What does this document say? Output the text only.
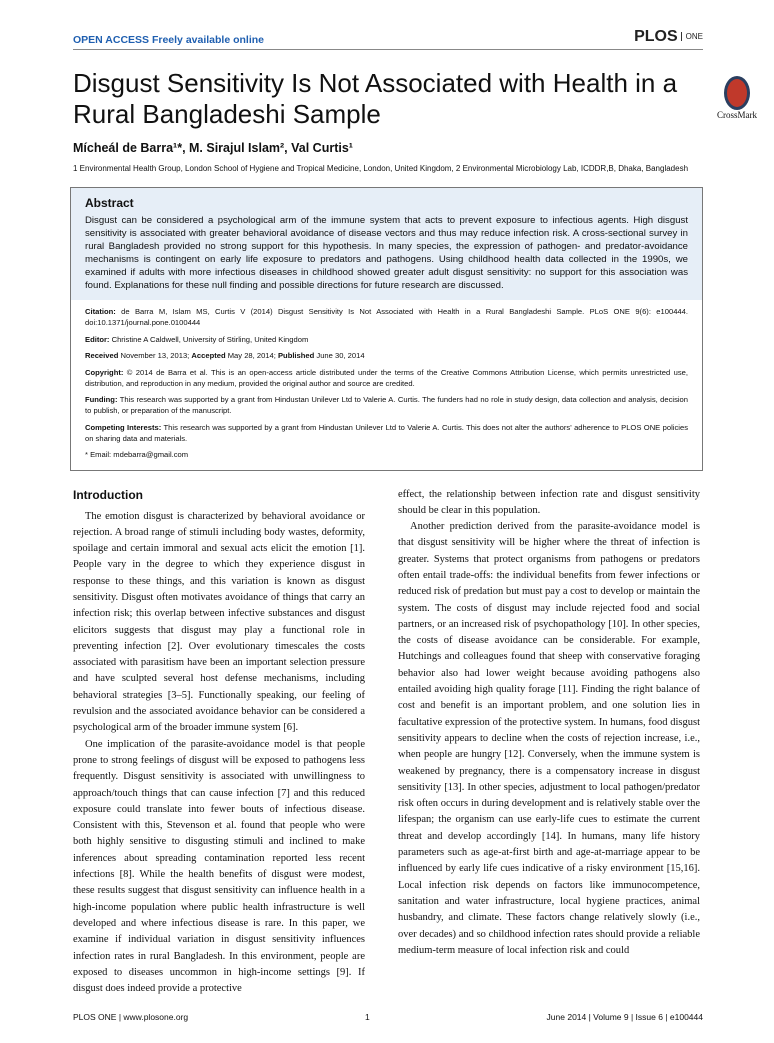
OPEN ACCESS Freely available online	PLOS ONE
Disgust Sensitivity Is Not Associated with Health in a Rural Bangladeshi Sample	CrossMark
Mícheál de Barra¹*, M. Sirajul Islam², Val Curtis¹
1 Environmental Health Group, London School of Hygiene and Tropical Medicine, London, United Kingdom, 2 Environmental Microbiology Lab, ICDDR,B, Dhaka, Bangladesh
Abstract

Disgust can be considered a psychological arm of the immune system that acts to prevent exposure to infectious agents. High disgust sensitivity is associated with greater behavioral avoidance of disease vectors and thus may reduce infection risk. A cross-sectional survey in rural Bangladesh provided no strong support for this hypothesis. In many species, the expression of pathogen- and predator-avoidance mechanisms is contingent on early life exposure to predators and pathogens. Using childhood health data collected in the 1990s, we examined if adults with more infectious diseases in childhood showed greater adult disgust sensitivity: no support for this association was found. Explanations for these null finding and possible directions for future research are discussed.

Citation: de Barra M, Islam MS, Curtis V (2014) Disgust Sensitivity Is Not Associated with Health in a Rural Bangladeshi Sample. PLoS ONE 9(6): e100444. doi:10.1371/journal.pone.0100444

Editor: Christine A Caldwell, University of Stirling, United Kingdom

Received November 13, 2013; Accepted May 28, 2014; Published June 30, 2014

Copyright: © 2014 de Barra et al. This is an open-access article distributed under the terms of the Creative Commons Attribution License, which permits unrestricted use, distribution, and reproduction in any medium, provided the original author and source are credited.

Funding: This research was supported by a grant from Hindustan Unilever Ltd to Valerie A. Curtis. The funders had no role in study design, data collection and analysis, decision to publish, or preparation of the manuscript.

Competing Interests: This research was supported by a grant from Hindustan Unilever Ltd to Valerie A. Curtis. This does not alter the authors' adherence to PLOS ONE policies on sharing data and materials.

* Email: mdebarra@gmail.com

Introduction

The emotion disgust is characterized by behavioral avoidance or rejection. A broad range of stimuli including body wastes, deformity, spoilage and certain immoral and sexual acts elicit the emotion [1]. People vary in the degree to which they experience disgust in response to these things, and this variation is known as disgust sensitivity. Disgust often motivates avoidance of things that carry an infection risk; this overlap between infective substances and disgust elicitors suggests that disgust may play a functional role in preventing infection [2]. Over evolutionary timescales the costs associated with parasitism have been an important selection pressure and have sculpted several host defense mechanisms, including behavioral strategies [3–5]. Functionally speaking, our feeling of revulsion and the associated avoidance behavior can be considered a psychological arm of the broader immune system [6].

One implication of the parasite-avoidance model is that people prone to strong feelings of disgust will be exposed to pathogens less frequently. Disgust sensitivity is associated with unwillingness to approach/touch things that can cause infection [7] and this reduced exposure could translate into fewer bouts of infectious disease. Consistent with this, Stevenson et al. found that people who were both highly sensitive to disgusting stimuli and inclined to make inferences about spreading contamination reported less recent infections [8]. While the health benefits of disgust were modest, these results suggest that disgust sensitivity can influence health in a high-income population where public health infrastructure is well developed and where infectious disease is rare. In this paper, we examine if individual variation in disgust sensitivity influences infection rates in rural Bangladesh. In this environment, people are exposed to diseases uncommon in high-income settings [9]. If disgust does indeed provide a protective

effect, the relationship between infection rate and disgust sensitivity should be clear in this population.

Another prediction derived from the parasite-avoidance model is that disgust sensitivity will be higher where the threat of infection is greater. Systems that protect organisms from pathogens or predators often entail trade-offs: the individual benefits from fewer infections or reduced risk of predation but must pay a cost to develop or maintain the system. The costs of disgust may include rejected food and social partners, or an increased risk of psychopathology [10]. In other species, the costs of disease avoidance can be considerable. For example, Hutchings and colleagues found that sheep with conservative foraging behavior also had lower weight because avoiding pathogens also entailed avoiding high quality forage [11]. Finding the right balance of cost and benefit is an important problem, and one solution lies in facultative expression of the protective system. In humans, food disgust sensitivity appears to decline when the costs of rejection increase, i.e., when people are hungry [12]. Conversely, when the immune system is weakened by pregnancy, there is a compensatory increase in disgust sensitivity [13]. In other species, adjustment to local pathogen/predator risk often occurs in during development and is relatively stable over the lifespan; the organism can use early-life cues to estimate the current threat and develop accordingly [14]. In humans, many life history parameters such as age-at-first birth and age-at-marriage appear to be influenced by early life cues indicative of a risky environment [15,16]. Local infection risk depends on factors like immunocompetence, sanitation and water infrastructure, local hygiene practices, animal husbandry, and climate. These factors change relatively slowly (i.e., over decades) and so childhood infection rates should provide a reliable medium-term measure of local infection risk and could

PLOS ONE | www.plosone.org	1	June 2014 | Volume 9 | Issue 6 | e100444
